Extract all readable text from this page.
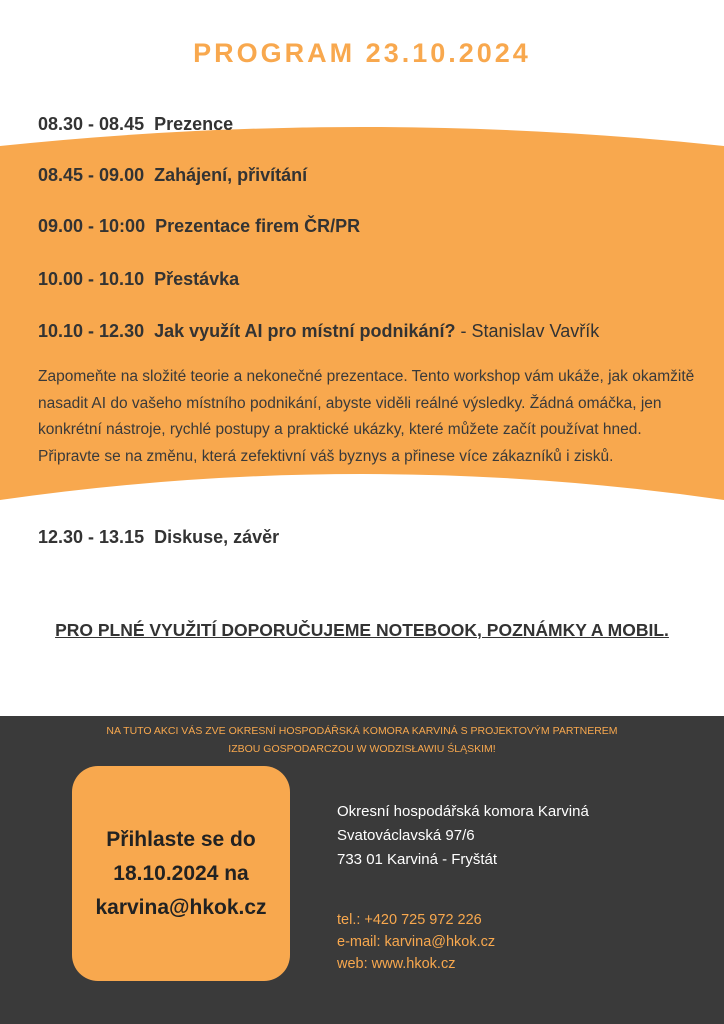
PROGRAM 23.10.2024
08.30 - 08.45 Prezence
08.45 - 09.00 Zahájení, přivítání
09.00 - 10:00 Prezentace firem ČR/PR
10.00 - 10.10 Přestávka
10.10 - 12.30 Jak využít AI pro místní podnikání? - Stanislav Vavřík

Zapomeňte na složité teorie a nekonečné prezentace. Tento workshop vám ukáže, jak okamžitě nasadit AI do vašeho místního podnikání, abyste viděli reálné výsledky. Žádná omáčka, jen konkrétní nástroje, rychlé postupy a praktické ukázky, které můžete začít používat hned.

Připravte se na změnu, která zefektivní váš byznys a přinese více zákazníků i zisků.

12.30 - 13.15 Diskuse, závěr
PRO PLNÉ VYUŽITÍ DOPORUČUJEME NOTEBOOK, POZNÁMKY A MOBIL.
NA TUTO AKCI VÁS ZVE OKRESNÍ HOSPODÁŘSKÁ KOMORA KARVINÁ S PROJEKTOVÝM PARTNEREM
IZBOU GOSPODARCZOU W WODZISŁAWIU ŚLĄSKIM!
Přihlaste se do
18.10.2024 na
karvina@hkok.cz
Okresní hospodářská komora Karviná
Svatováclavská 97/6
733 01 Karviná - Fryštát
tel.: +420 725 972 226
e-mail: karvina@hkok.cz
web: www.hkok.cz
